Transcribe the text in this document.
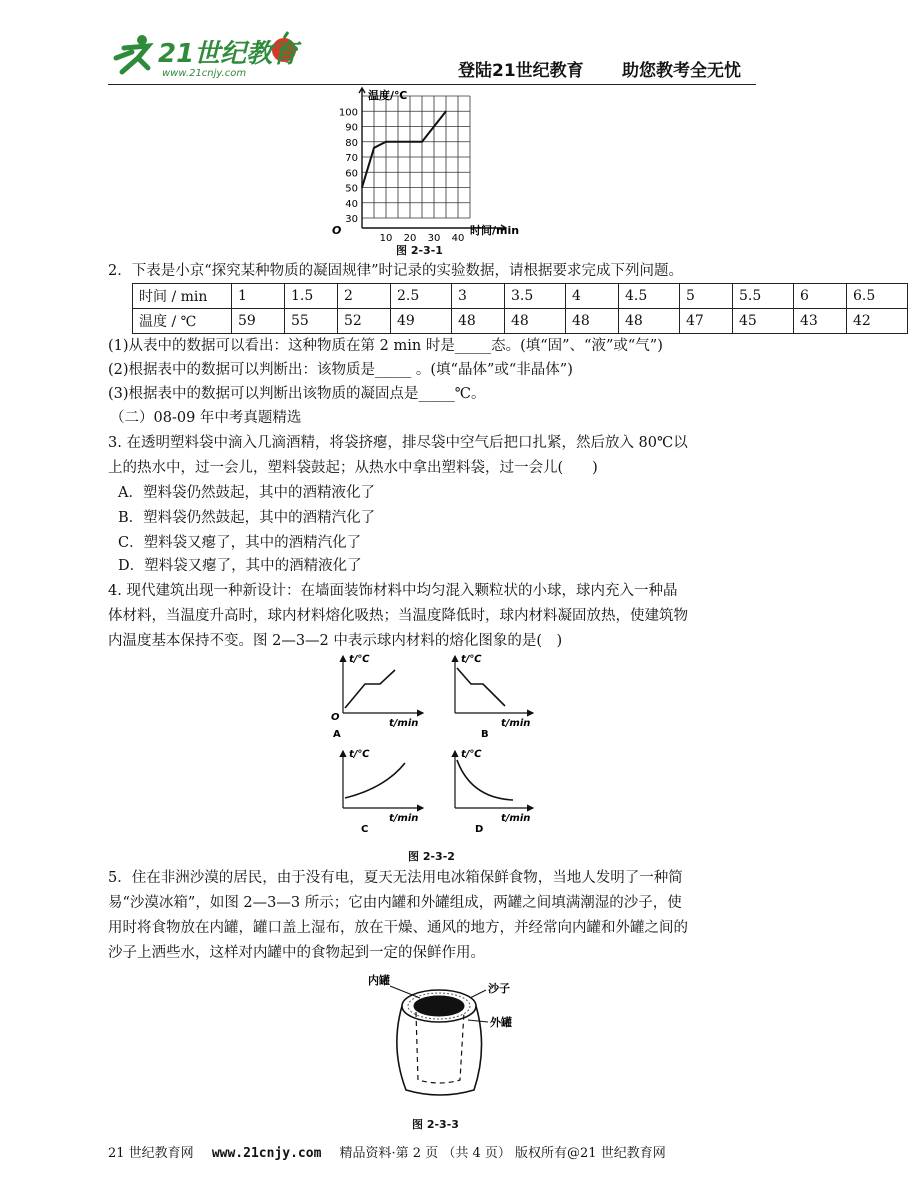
21世纪教育
www.21cnjy.com	登陆21世纪教育 助您教考全无忧
100
90
80
70
60
50
40
30
10 20 30 40
温度/℃
时间/min
O
图 2-3-1
2．下表是小京“探究某种物质的凝固规律”时记录的实验数据，请根据要求完成下列问题。
时间 / min	1	1.5	2	2.5	3	3.5	4	4.5	5	5.5	6	6.5
温度 / ℃	59	55	52	49	48	48	48	48	47	45	43	42
(1)从表中的数据可以看出：这种物质在第 2 min 时是_____态。(填“固”、“液”或“气”)
(2)根据表中的数据可以判断出：该物质是_____ 。(填“晶体”或“非晶体”)
(3)根据表中的数据可以判断出该物质的凝固点是_____℃。
（二）08-09 年中考真题精选
3. 在透明塑料袋中滴入几滴酒精，将袋挤瘪，排尽袋中空气后把口扎紧，然后放入 80℃以
上的热水中，过一会儿，塑料袋鼓起；从热水中拿出塑料袋，过一会儿(　　)
A．塑料袋仍然鼓起，其中的酒精液化了
B．塑料袋仍然鼓起，其中的酒精汽化了
C．塑料袋又瘪了，其中的酒精汽化了
D．塑料袋又瘪了，其中的酒精液化了
4. 现代建筑出现一种新设计：在墙面装饰材料中均匀混入颗粒状的小球，球内充入一种晶
体材料，当温度升高时，球内材料熔化吸热；当温度降低时，球内材料凝固放热，使建筑物
内温度基本保持不变。图 2—3—2 中表示球内材料的熔化图象的是(　)
t/℃
t/min
O
A
t/℃
t/min
B
t/℃
t/min
C
t/℃
t/min
D
图 2-3-2
5．住在非洲沙漠的居民，由于没有电，夏天无法用电冰箱保鲜食物，当地人发明了一种简
易“沙漠冰箱”，如图 2—3—3 所示；它由内罐和外罐组成，两罐之间填满潮湿的沙子，使
用时将食物放在内罐，罐口盖上湿布，放在干燥、通风的地方，并经常向内罐和外罐之间的
沙子上洒些水，这样对内罐中的食物起到一定的保鲜作用。
内罐
沙子
外罐
图 2-3-3
21 世纪教育网 www.21cnjy.com 精品资料·第 2 页 （共 4 页） 版权所有@21 世纪教育网
